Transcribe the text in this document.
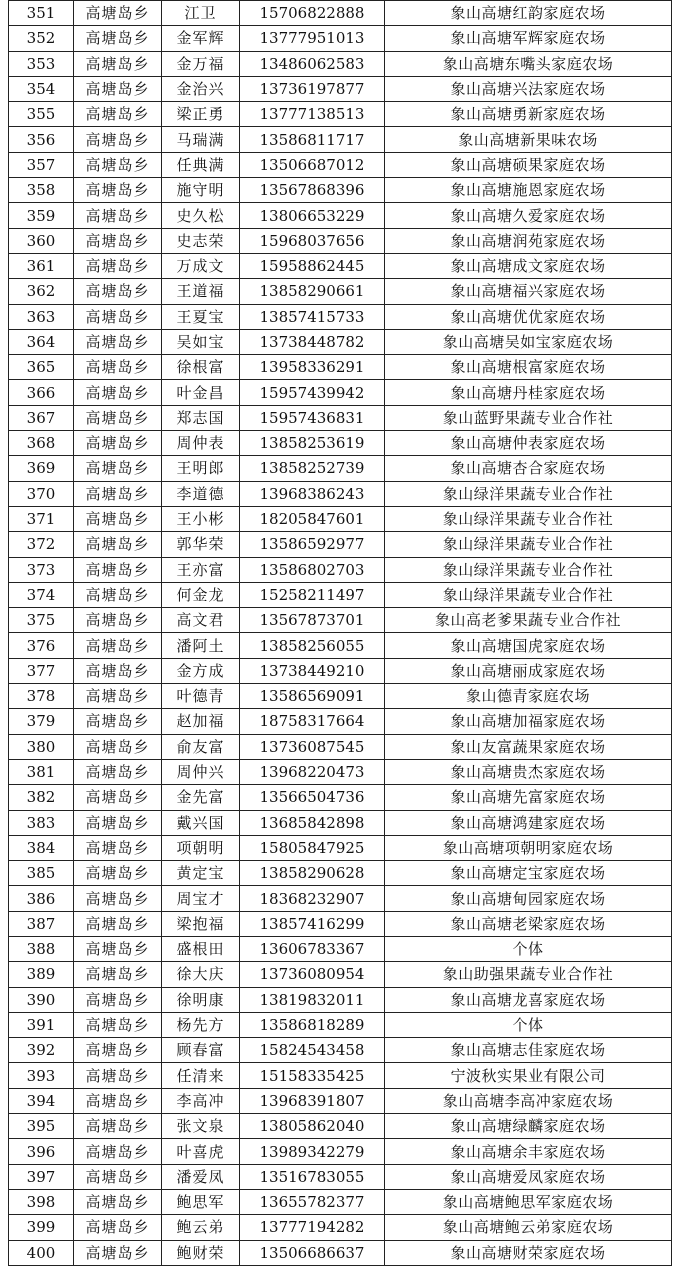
351	高塘岛乡	江卫	15706822888	象山高塘红韵家庭农场
352	高塘岛乡	金军辉	13777951013	象山高塘军辉家庭农场
353	高塘岛乡	金万福	13486062583	象山高塘东嘴头家庭农场
354	高塘岛乡	金治兴	13736197877	象山高塘兴法家庭农场
355	高塘岛乡	梁正勇	13777138513	象山高塘勇新家庭农场
356	高塘岛乡	马瑞满	13586811717	象山高塘新果味农场
357	高塘岛乡	任典满	13506687012	象山高塘硕果家庭农场
358	高塘岛乡	施守明	13567868396	象山高塘施恩家庭农场
359	高塘岛乡	史久松	13806653229	象山高塘久爱家庭农场
360	高塘岛乡	史志荣	15968037656	象山高塘润苑家庭农场
361	高塘岛乡	万成文	15958862445	象山高塘成文家庭农场
362	高塘岛乡	王道福	13858290661	象山高塘福兴家庭农场
363	高塘岛乡	王夏宝	13857415733	象山高塘优优家庭农场
364	高塘岛乡	吴如宝	13738448782	象山高塘吴如宝家庭农场
365	高塘岛乡	徐根富	13958336291	象山高塘根富家庭农场
366	高塘岛乡	叶金昌	15957439942	象山高塘丹桂家庭农场
367	高塘岛乡	郑志国	15957436831	象山蓝野果蔬专业合作社
368	高塘岛乡	周仲表	13858253619	象山高塘仲表家庭农场
369	高塘岛乡	王明郎	13858252739	象山高塘杏合家庭农场
370	高塘岛乡	李道德	13968386243	象山绿洋果蔬专业合作社
371	高塘岛乡	王小彬	18205847601	象山绿洋果蔬专业合作社
372	高塘岛乡	郭华荣	13586592977	象山绿洋果蔬专业合作社
373	高塘岛乡	王亦富	13586802703	象山绿洋果蔬专业合作社
374	高塘岛乡	何金龙	15258211497	象山绿洋果蔬专业合作社
375	高塘岛乡	高文君	13567873701	象山高老爹果蔬专业合作社
376	高塘岛乡	潘阿土	13858256055	象山高塘国虎家庭农场
377	高塘岛乡	金方成	13738449210	象山高塘丽成家庭农场
378	高塘岛乡	叶德青	13586569091	象山德青家庭农场
379	高塘岛乡	赵加福	18758317664	象山高塘加福家庭农场
380	高塘岛乡	俞友富	13736087545	象山友富蔬果家庭农场
381	高塘岛乡	周仲兴	13968220473	象山高塘贵杰家庭农场
382	高塘岛乡	金先富	13566504736	象山高塘先富家庭农场
383	高塘岛乡	戴兴国	13685842898	象山高塘鸿建家庭农场
384	高塘岛乡	项朝明	15805847925	象山高塘项朝明家庭农场
385	高塘岛乡	黄定宝	13858290628	象山高塘定宝家庭农场
386	高塘岛乡	周宝才	18368232907	象山高塘甸园家庭农场
387	高塘岛乡	梁抱福	13857416299	象山高塘老梁家庭农场
388	高塘岛乡	盛根田	13606783367	个体
389	高塘岛乡	徐大庆	13736080954	象山助强果蔬专业合作社
390	高塘岛乡	徐明康	13819832011	象山高塘龙喜家庭农场
391	高塘岛乡	杨先方	13586818289	个体
392	高塘岛乡	顾春富	15824543458	象山高塘志佳家庭农场
393	高塘岛乡	任清来	15158335425	宁波秋实果业有限公司
394	高塘岛乡	李高冲	13968391807	象山高塘李高冲家庭农场
395	高塘岛乡	张文泉	13805862040	象山高塘绿麟家庭农场
396	高塘岛乡	叶喜虎	13989342279	象山高塘余丰家庭农场
397	高塘岛乡	潘爱凤	13516783055	象山高塘爱凤家庭农场
398	高塘岛乡	鲍思军	13655782377	象山高塘鲍思军家庭农场
399	高塘岛乡	鲍云弟	13777194282	象山高塘鲍云弟家庭农场
400	高塘岛乡	鲍财荣	13506686637	象山高塘财荣家庭农场
